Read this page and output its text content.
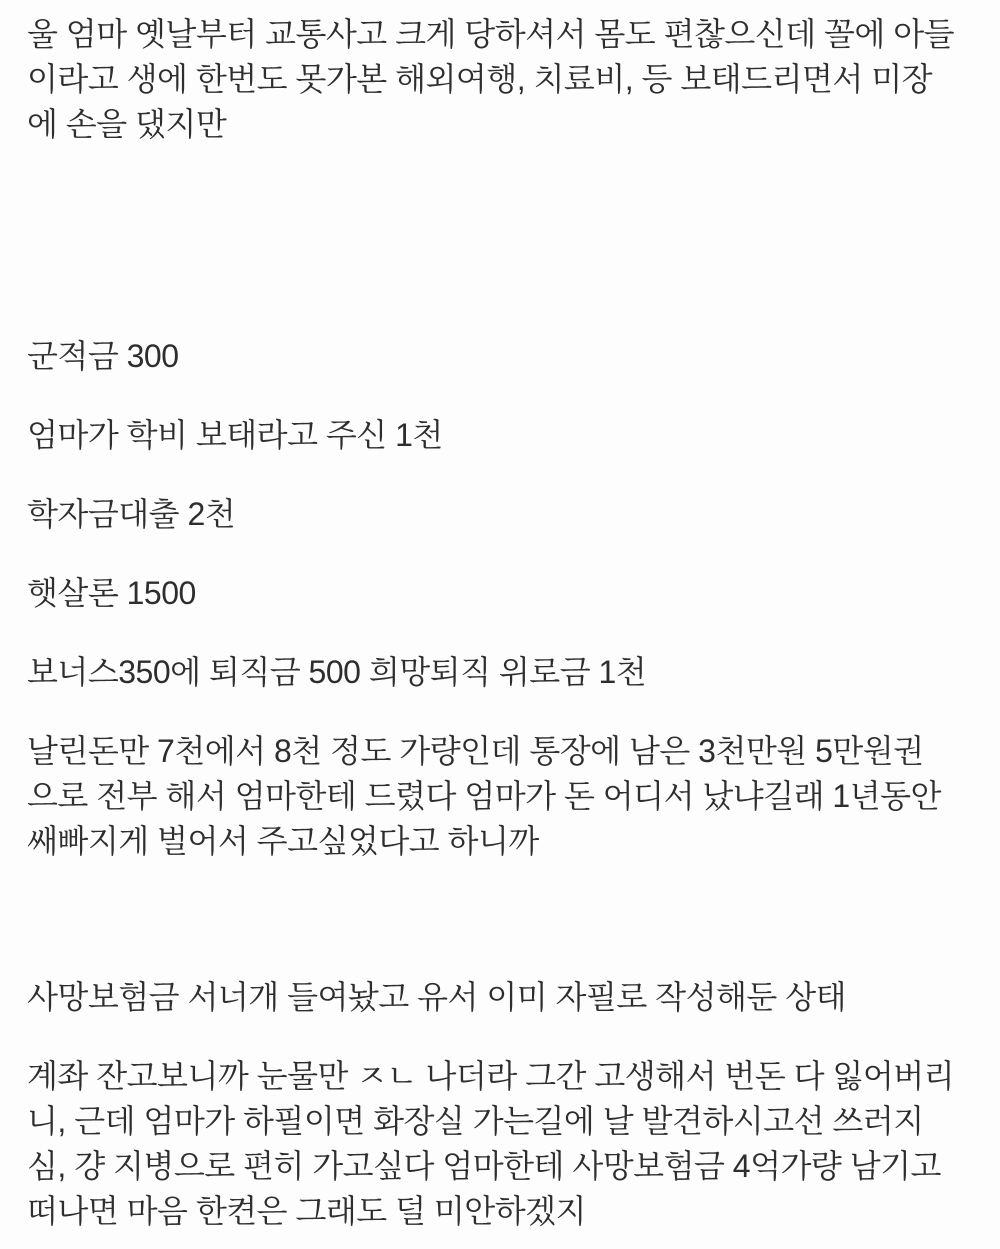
울 엄마 옛날부터 교통사고 크게 당하셔서 몸도 편찮으신데 꼴에 아들
이라고 생에 한번도 못가본 해외여행, 치료비, 등 보태드리면서 미장
에 손을 댔지만
군적금 300
엄마가 학비 보태라고 주신 1천
학자금대출 2천
햇살론 1500
보너스350에 퇴직금 500 희망퇴직 위로금 1천
날린돈만 7천에서 8천 정도 가량인데 통장에 남은 3천만원 5만원권
으로 전부 해서 엄마한테 드렸다 엄마가 돈 어디서 났냐길래 1년동안
쌔빠지게 벌어서 주고싶었다고 하니까
사망보험금 서너개 들여놨고 유서 이미 자필로 작성해둔 상태
계좌 잔고보니까 눈물만 ㅈㄴ 나더라 그간 고생해서 번돈 다 잃어버리
니, 근데 엄마가 하필이면 화장실 가는길에 날 발견하시고선 쓰러지
심, 걍 지병으로 편히 가고싶다 엄마한테 사망보험금 4억가량 남기고
떠나면 마음 한켠은 그래도 덜 미안하겠지
